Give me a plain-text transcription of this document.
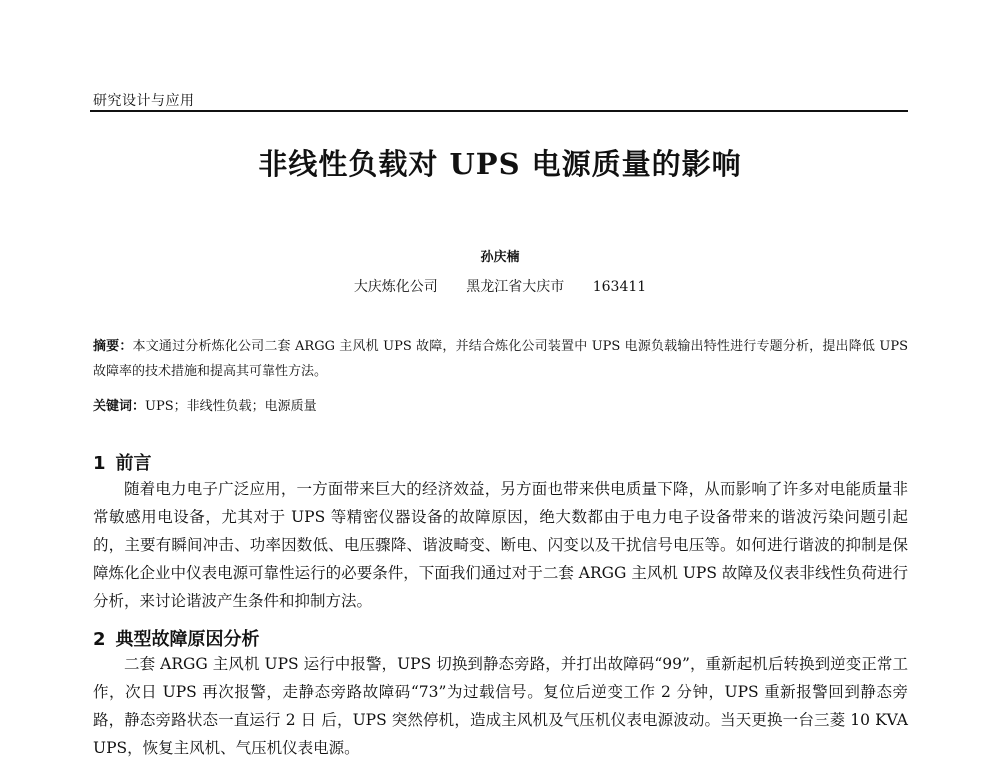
研究设计与应用
非线性负载对 UPS 电源质量的影响
孙庆楠
大庆炼化公司 黑龙江省大庆市 163411
摘要：本文通过分析炼化公司二套 ARGG 主风机 UPS 故障，并结合炼化公司装置中 UPS 电源负载输出特性进行专题分析，提出降低 UPS 故障率的技术措施和提高其可靠性方法。
关键词：UPS；非线性负载；电源质量
1 前言
随着电力电子广泛应用，一方面带来巨大的经济效益，另方面也带来供电质量下降，从而影响了许多对电能质量非常敏感用电设备，尤其对于 UPS 等精密仪器设备的故障原因，绝大数都由于电力电子设备带来的谐波污染问题引起的，主要有瞬间冲击、功率因数低、电压骤降、谐波畸变、断电、闪变以及干扰信号电压等。如何进行谐波的抑制是保障炼化企业中仪表电源可靠性运行的必要条件，下面我们通过对于二套 ARGG 主风机 UPS 故障及仪表非线性负荷进行分析，来讨论谐波产生条件和抑制方法。
2 典型故障原因分析
二套 ARGG 主风机 UPS 运行中报警，UPS 切换到静态旁路，并打出故障码“99”，重新起机后转换到逆变正常工作，次日 UPS 再次报警，走静态旁路故障码“73”为过载信号。复位后逆变工作 2 分钟，UPS 重新报警回到静态旁路，静态旁路状态一直运行 2 日 后，UPS 突然停机，造成主风机及气压机仪表电源波动。当天更换一台三菱 10 KVA UPS，恢复主风机、气压机仪表电源。
